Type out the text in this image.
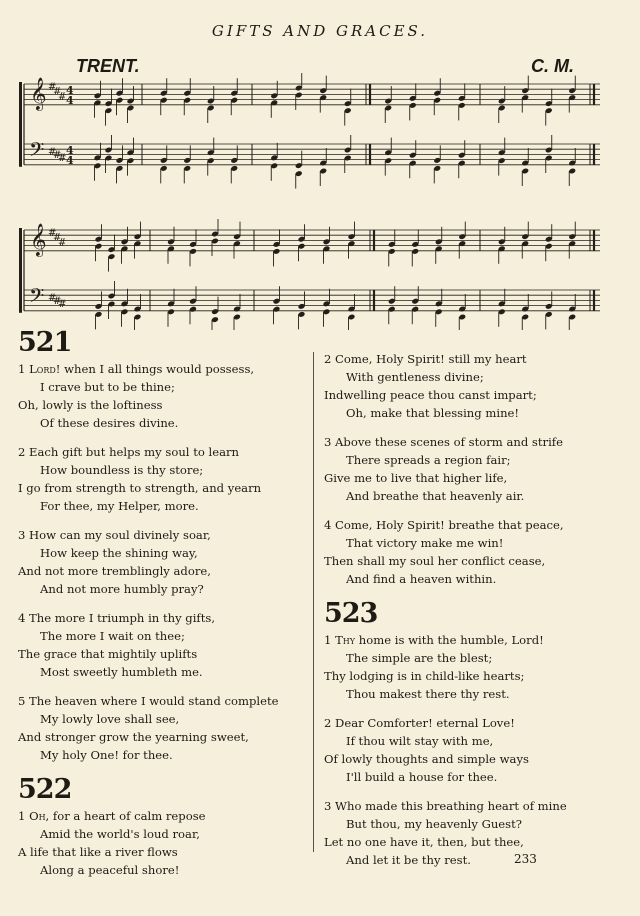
GIFTS AND GRACES.
TRENT.	C. M.
𝄞
𝄢
#
#
#
#
#
#
4
4
4
4
𝄞
𝄢
#
#
#
#
#
#
521
1 Lord! when I all things would possess,
I crave but to be thine;
Oh, lowly is the loftiness
Of these desires divine.
2 Each gift but helps my soul to learn
How boundless is thy store;
I go from strength to strength, and yearn
For thee, my Helper, more.
3 How can my soul divinely soar,
How keep the shining way,
And not more tremblingly adore,
And not more humbly pray?
4 The more I triumph in thy gifts,
The more I wait on thee;
The grace that mightily uplifts
Most sweetly humbleth me.
5 The heaven where I would stand complete
My lowly love shall see,
And stronger grow the yearning sweet,
My holy One! for thee.
522
1 Oh, for a heart of calm repose
Amid the world's loud roar,
A life that like a river flows
Along a peaceful shore!
2 Come, Holy Spirit! still my heart
With gentleness divine;
Indwelling peace thou canst impart;
Oh, make that blessing mine!
3 Above these scenes of storm and strife
There spreads a region fair;
Give me to live that higher life,
And breathe that heavenly air.
4 Come, Holy Spirit! breathe that peace,
That victory make me win!
Then shall my soul her conflict cease,
And find a heaven within.
523
1 Thy home is with the humble, Lord!
The simple are the blest;
Thy lodging is in child-like hearts;
Thou makest there thy rest.
2 Dear Comforter! eternal Love!
If thou wilt stay with me,
Of lowly thoughts and simple ways
I'll build a house for thee.
3 Who made this breathing heart of mine
But thou, my heavenly Guest?
Let no one have it, then, but thee,
And let it be thy rest.	233
